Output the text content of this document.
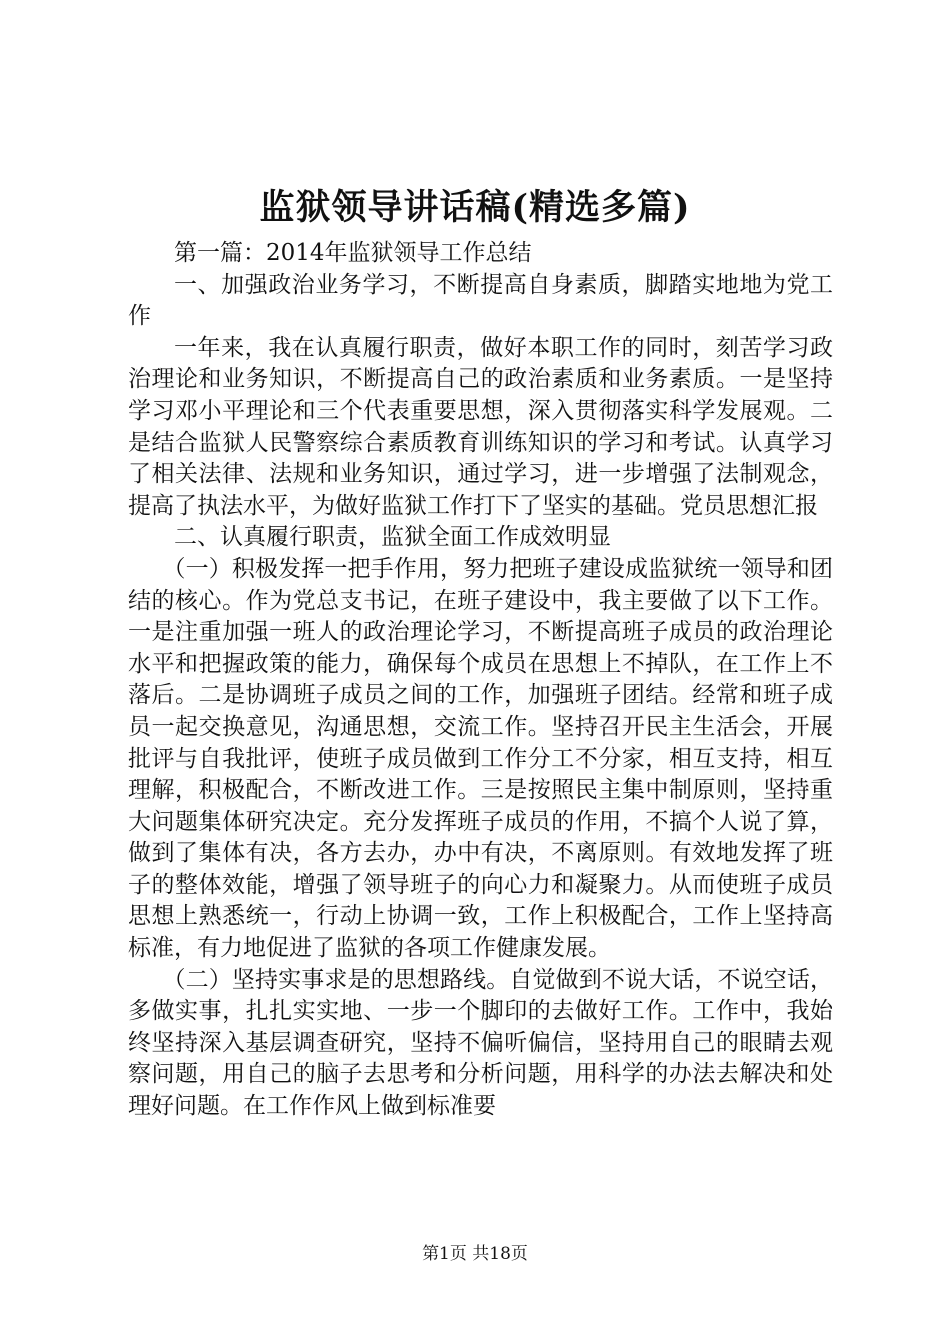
监狱领导讲话稿(精选多篇)

第一篇：2014年监狱领导工作总结

一、加强政治业务学习，不断提高自身素质，脚踏实地地为党工作

一年来，我在认真履行职责，做好本职工作的同时，刻苦学习政治理论和业务知识，不断提高自己的政治素质和业务素质。一是坚持学习邓小平理论和三个代表重要思想，深入贯彻落实科学发展观。二是结合监狱人民警察综合素质教育训练知识的学习和考试。认真学习了相关法律、法规和业务知识，通过学习，进一步增强了法制观念，提高了执法水平，为做好监狱工作打下了坚实的基础。党员思想汇报

二、认真履行职责，监狱全面工作成效明显

（一）积极发挥一把手作用，努力把班子建设成监狱统一领导和团结的核心。作为党总支书记，在班子建设中，我主要做了以下工作。一是注重加强一班人的政治理论学习，不断提高班子成员的政治理论水平和把握政策的能力，确保每个成员在思想上不掉队，在工作上不落后。二是协调班子成员之间的工作，加强班子团结。经常和班子成员一起交换意见，沟通思想，交流工作。坚持召开民主生活会，开展批评与自我批评，使班子成员做到工作分工不分家，相互支持，相互理解，积极配合，不断改进工作。三是按照民主集中制原则，坚持重大问题集体研究决定。充分发挥班子成员的作用，不搞个人说了算，做到了集体有决，各方去办，办中有决，不离原则。有效地发挥了班子的整体效能，增强了领导班子的向心力和凝聚力。从而使班子成员思想上熟悉统一，行动上协调一致，工作上积极配合，工作上坚持高标准，有力地促进了监狱的各项工作健康发展。

（二）坚持实事求是的思想路线。自觉做到不说大话，不说空话，多做实事，扎扎实实地、一步一个脚印的去做好工作。工作中，我始终坚持深入基层调查研究，坚持不偏听偏信，坚持用自己的眼睛去观察问题，用自己的脑子去思考和分析问题，用科学的办法去解决和处理好问题。在工作作风上做到标准要

第1页 共18页
